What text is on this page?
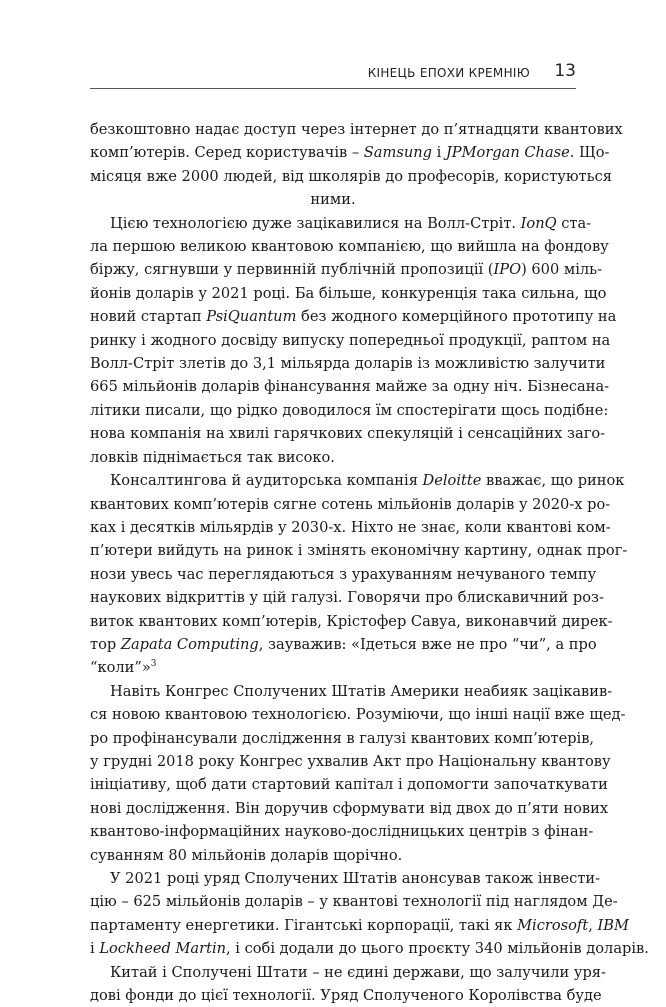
КІНЕЦЬ ЕПОХИ КРЕМНІЮ 13

безкоштовно надає доступ через інтернет до п’ятнадцяти квантових
комп’ютерів. Серед користувачів – Samsung і JPMorgan Chase. Що-
місяця вже 2000 людей, від школярів до професорів, користуються
ними.

Цією технологією дуже зацікавилися на Волл-Стріт. IonQ ста-
ла першою великою квантовою компанією, що вийшла на фондову
біржу, сягнувши у первинній публічній пропозиції (IPO) 600 міль-
йонів доларів у 2021 році. Ба більше, конкуренція така сильна, що
новий стартап PsiQuantum без жодного комерційного прототипу на
ринку і жодного досвіду випуску попередньої продукції, раптом на
Волл-Стріт злетів до 3,1 мільярда доларів із можливістю залучити
665 мільйонів доларів фінансування майже за одну ніч. Бізнесана-
літики писали, що рідко доводилося їм спостерігати щось подібне:
нова компанія на хвилі гарячкових спекуляцій і сенсаційних заго-
ловків піднімається так високо.

Консалтингова й аудиторська компанія Deloitte вважає, що ринок
квантових комп’ютерів сягне сотень мільйонів доларів у 2020-х ро-
ках і десятків мільярдів у 2030-х. Ніхто не знає, коли квантові ком-
п’ютери вийдуть на ринок і змінять економічну картину, однак прог-
нози увесь час переглядаються з урахуванням нечуваного темпу
наукових відкриттів у цій галузі. Говорячи про блискавичний роз-
виток квантових комп’ютерів, Крістофер Савуа, виконавчий дирек-
тор Zapata Computing, зауважив: «Ідеться вже не про “чи”, а про
“коли”»$^3$

Навіть Конгрес Сполучених Штатів Америки неабияк зацікавив-
ся новою квантовою технологією. Розуміючи, що інші нації вже щед-
ро профінансували дослідження в галузі квантових комп’ютерів,
у грудні 2018 року Конгрес ухвалив Акт про Національну квантову
ініціативу, щоб дати стартовий капітал і допомогти започаткувати
нові дослідження. Він доручив сформувати від двох до п’яти нових
квантово-інформаційних науково-дослідницьких центрів з фінан-
суванням 80 мільйонів доларів щорічно.

У 2021 році уряд Сполучених Штатів анонсував також інвести-
цію – 625 мільйонів доларів – у квантові технології під наглядом Де-
партаменту енергетики. Гігантські корпорації, такі як Microsoft, IBM
і Lockheed Martin, і собі додали до цього проєкту 340 мільйонів доларів.

Китай і Сполучені Штати – не єдині держави, що залучили уря-
дові фонди до цієї технології. Уряд Сполученого Королівства буде
